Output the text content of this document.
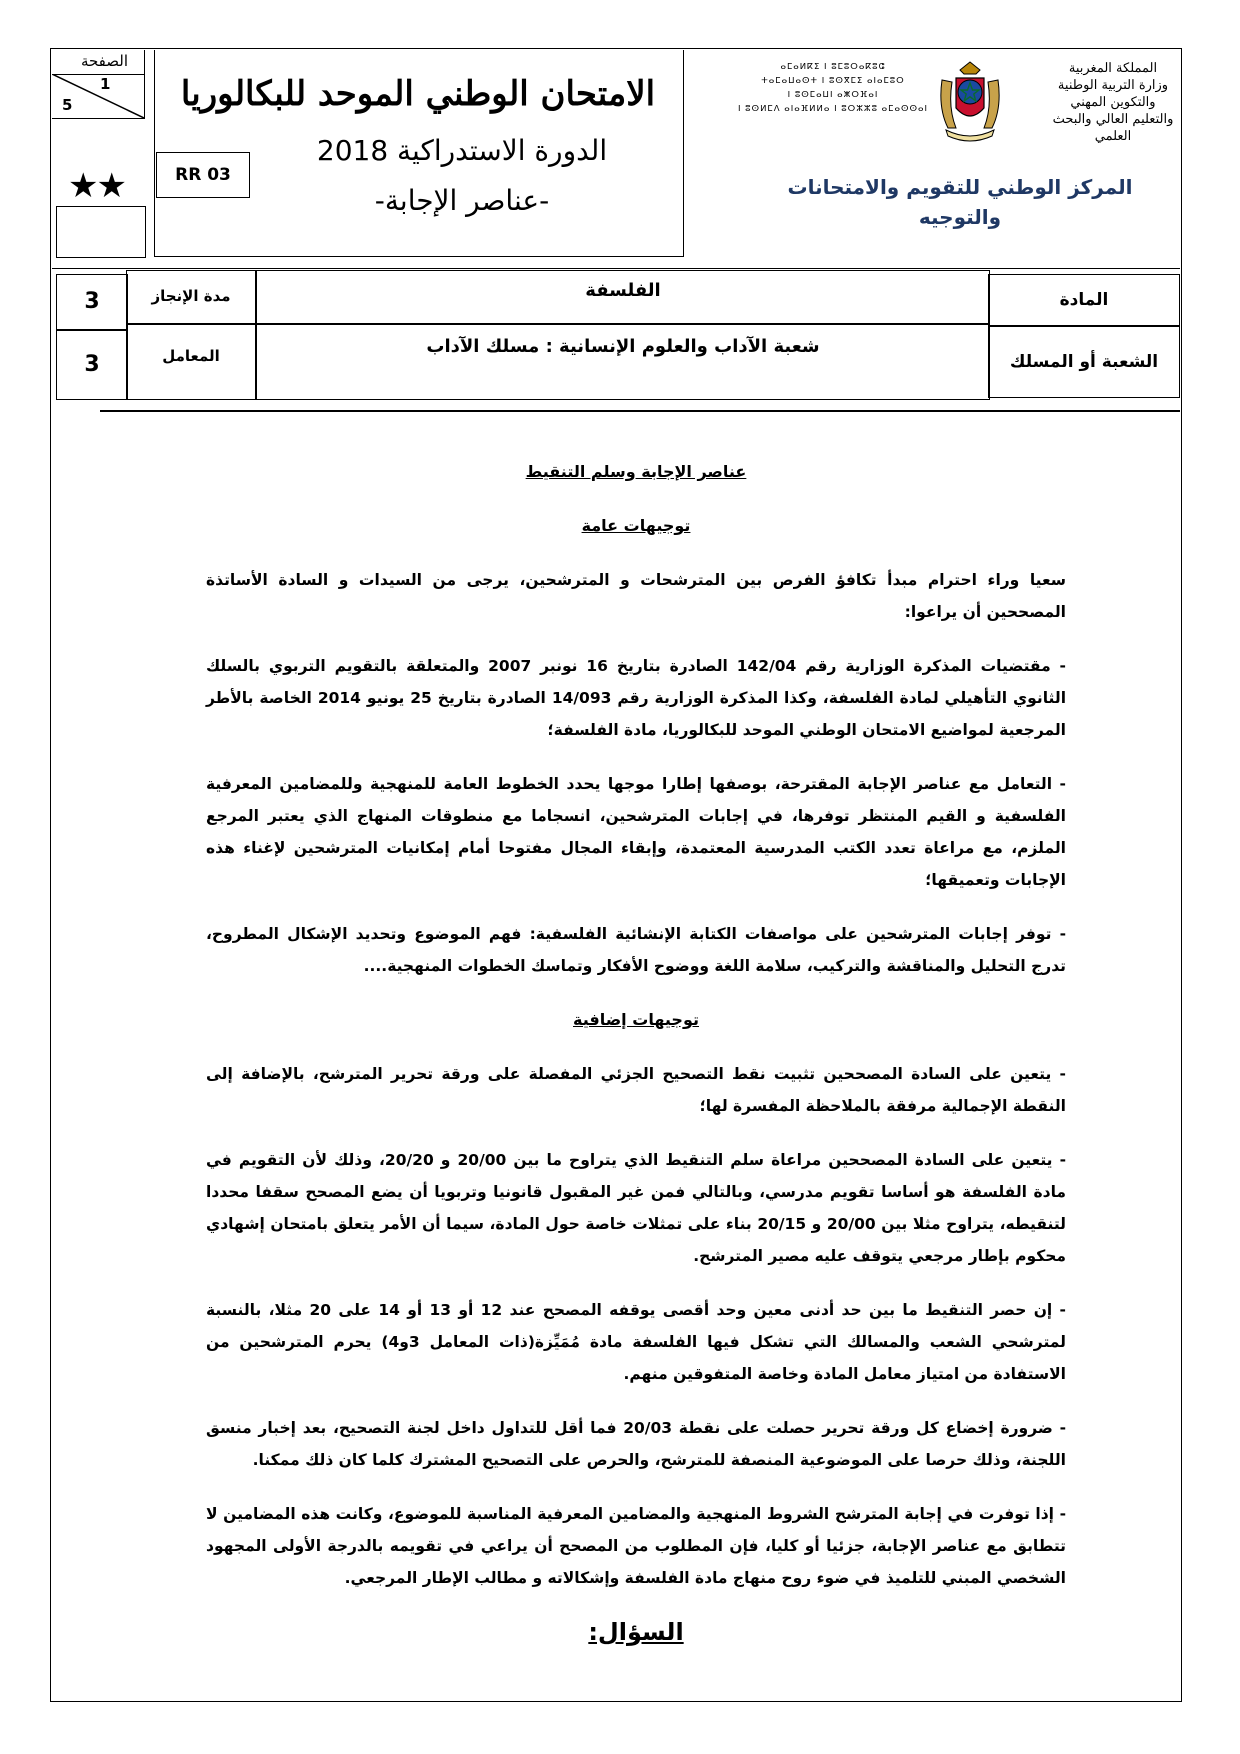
الصفحة
1
5
★★
الامتحان الوطني الموحد للبكالوريا
RR 03
الدورة الاستدراكية 2018
-عناصر الإجابة-
ⴰⵎⴰⵍⴽⵉ ⵏ ⵓⵎⵓⵔⴰⴽⵓⵛ
ⵜⴰⵎⴰⵡⴰⵙⵜ ⵏ ⵓⵙⴳⵎⵉ ⴰⵏⴰⵎⵓⵔ
ⵏ ⵓⵙⵎⴰⵡⵏ ⴰⵥⵔⴼⴰⵏ
ⵏ ⵓⵙⵍⵎⴷ ⴰⵏⴰⴼⵍⵍⴰ ⵏ ⵓⵔⵣⵣⵓ ⴰⵎⴰⵙⵙⴰⵏ
المملكة المغربية
وزارة التربية الوطنية
والتكوين المهني
والتعليم العالي والبحث العلمي
المركز الوطني للتقويم والامتحانات
والتوجيه
المادة
الشعبة أو المسلك
الفلسفة
شعبة الآداب والعلوم الإنسانية : مسلك الآداب
مدة الإنجاز
المعامل
3
3
عناصر الإجابة وسلم التنقيط
توجيهات عامة
سعيا وراء احترام مبدأ تكافؤ الفرص بين المترشحات و المترشحين، يرجى من السيدات و السادة الأساتذة المصححين أن يراعوا:
- مقتضيات المذكرة الوزارية رقم 142/04 الصادرة بتاريخ 16 نونبر 2007 والمتعلقة بالتقويم التربوي بالسلك الثانوي التأهيلي لمادة الفلسفة، وكذا المذكرة الوزارية رقم 14/093 الصادرة بتاريخ 25 يونيو 2014 الخاصة بالأطر المرجعية لمواضيع الامتحان الوطني الموحد للبكالوريا، مادة الفلسفة؛
- التعامل مع عناصر الإجابة المقترحة، بوصفها إطارا موجها يحدد الخطوط العامة للمنهجية وللمضامين المعرفية الفلسفية و القيم المنتظر توفرها، في إجابات المترشحين، انسجاما مع منطوقات المنهاج الذي يعتبر المرجع الملزم، مع مراعاة تعدد الكتب المدرسية المعتمدة، وإبقاء المجال مفتوحا أمام إمكانيات المترشحين لإغناء هذه الإجابات وتعميقها؛
- توفر إجابات المترشحين على مواصفات الكتابة الإنشائية الفلسفية: فهم الموضوع وتحديد الإشكال المطروح، تدرج التحليل والمناقشة والتركيب، سلامة اللغة ووضوح الأفكار وتماسك الخطوات المنهجية....
توجيهات إضافية
- يتعين على السادة المصححين تثبيت نقط التصحيح الجزئي المفصلة على ورقة تحرير المترشح، بالإضافة إلى النقطة الإجمالية مرفقة بالملاحظة المفسرة لها؛
- يتعين على السادة المصححين مراعاة سلم التنقيط الذي يتراوح ما بين 20/00 و 20/20، وذلك لأن التقويم في مادة الفلسفة هو أساسا تقويم مدرسي، وبالتالي فمن غير المقبول قانونيا وتربويا أن يضع المصحح سقفا محددا لتنقيطه، يتراوح مثلا بين 20/00 و 20/15 بناء على تمثلات خاصة حول المادة، سيما أن الأمر يتعلق بامتحان إشهادي محكوم بإطار مرجعي يتوقف عليه مصير المترشح.
- إن حصر التنقيط ما بين حد أدنى معين وحد أقصى يوقفه المصحح عند 12 أو 13 أو 14 على 20 مثلا، بالنسبة لمترشحي الشعب والمسالك التي تشكل فيها الفلسفة مادة مُمَيِّزة(ذات المعامل 3و4) يحرم المترشحين من الاستفادة من امتياز معامل المادة وخاصة المتفوقين منهم.
- ضرورة إخضاع كل ورقة تحرير حصلت على نقطة 20/03 فما أقل للتداول داخل لجنة التصحيح، بعد إخبار منسق اللجنة، وذلك حرصا على الموضوعية المنصفة للمترشح، والحرص على التصحيح المشترك كلما كان ذلك ممكنا.
- إذا توفرت في إجابة المترشح الشروط المنهجية والمضامين المعرفية المناسبة للموضوع، وكانت هذه المضامين لا تتطابق مع عناصر الإجابة، جزئيا أو كليا، فإن المطلوب من المصحح أن يراعي في تقويمه بالدرجة الأولى المجهود الشخصي المبني للتلميذ في ضوء روح منهاج مادة الفلسفة وإشكالاته و مطالب الإطار المرجعي.
السؤال:
